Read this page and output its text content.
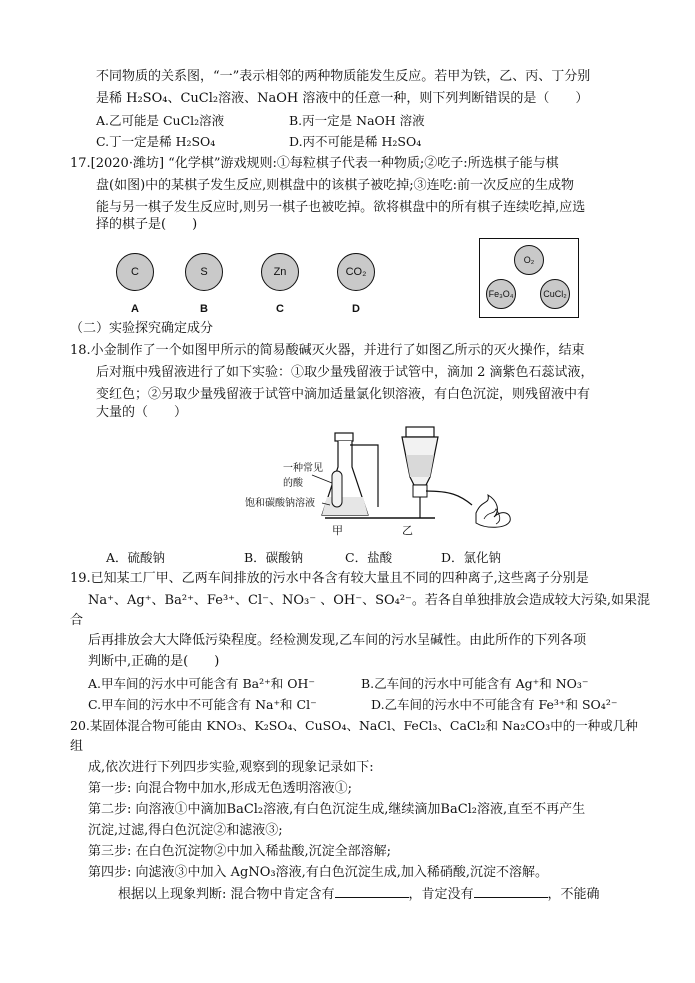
不同物质的关系图，“一”表示相邻的两种物质能发生反应。若甲为铁，乙、丙、丁分别
是稀 H₂SO₄、CuCl₂溶液、NaOH 溶液中的任意一种，则下列判断错误的是（　　）
A.乙可能是 CuCl₂溶液	B.丙一定是 NaOH 溶液
C.丁一定是稀 H₂SO₄	D.丙不可能是稀 H₂SO₄
17.[2020·潍坊] “化学棋”游戏规则:①每粒棋子代表一种物质;②吃子:所选棋子能与棋
盘(如图)中的某棋子发生反应,则棋盘中的该棋子被吃掉;③连吃:前一次反应的生成物
能与另一棋子发生反应时,则另一棋子也被吃掉。欲将棋盘中的所有棋子连续吃掉,应选
择的棋子是(　　)
C
A
S
B
Zn
C
CO₂
D
O₂
Fe₃O₄	CuCl₂
（二）实验探究确定成分
18.小金制作了一个如图甲所示的简易酸碱灭火器，并进行了如图乙所示的灭火操作，结束
后对瓶中残留液进行了如下实验：①取少量残留液于试管中，滴加 2 滴紫色石蕊试液，
变红色；②另取少量残留液于试管中滴加适量氯化钡溶液，有白色沉淀，则残留液中有
大量的（　　）
一种常见
的酸
饱和碳酸钠溶液
甲	乙
A．硫酸钠	B．碳酸钠	C．盐酸	D．氯化钠
19.已知某工厂甲、乙两车间排放的污水中各含有较大量且不同的四种离子,这些离子分别是
Na⁺、Ag⁺、Ba²⁺、Fe³⁺、Cl⁻、NO₃⁻ 、OH⁻、SO₄²⁻。若各自单独排放会造成较大污染,如果混
合
后再排放会大大降低污染程度。经检测发现,乙车间的污水呈碱性。由此所作的下列各项
判断中,正确的是(　　)
A.甲车间的污水中可能含有 Ba²⁺和 OH⁻	B.乙车间的污水中可能含有 Ag⁺和 NO₃⁻
C.甲车间的污水中不可能含有 Na⁺和 Cl⁻	D.乙车间的污水中不可能含有 Fe³⁺和 SO₄²⁻
20.某固体混合物可能由 KNO₃、K₂SO₄、CuSO₄、NaCl、FeCl₃、CaCl₂和 Na₂CO₃中的一种或几种
组
成,依次进行下列四步实验,观察到的现象记录如下:
第一步: 向混合物中加水,形成无色透明溶液①;
第二步: 向溶液①中滴加BaCl₂溶液,有白色沉淀生成,继续滴加BaCl₂溶液,直至不再产生
沉淀,过滤,得白色沉淀②和滤液③;
第三步: 在白色沉淀物②中加入稀盐酸,沉淀全部溶解;
第四步: 向滤液③中加入 AgNO₃溶液,有白色沉淀生成,加入稀硝酸,沉淀不溶解。
根据以上现象判断: 混合物中肯定含有	，肯定没有	，不能确
